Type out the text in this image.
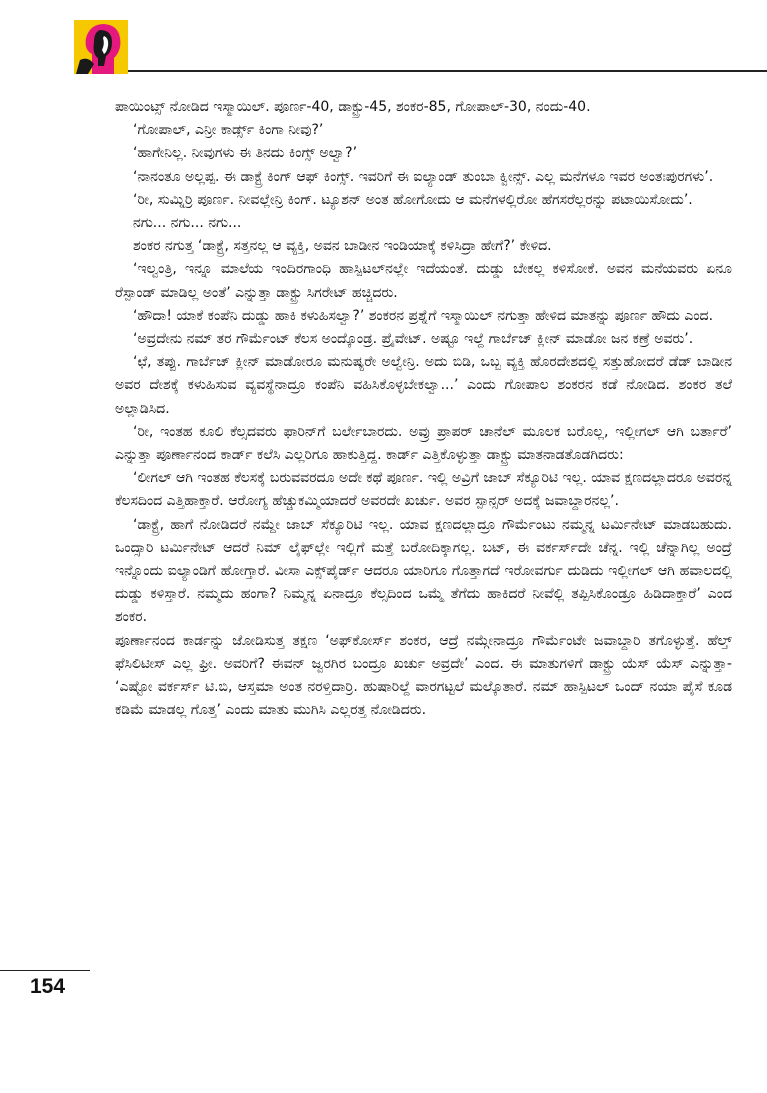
ಪಾಯಿಂಟ್ಸ್ ನೋಡಿದ ಇಸ್ಮಾಯಿಲ್. ಪೂರ್ಣ-40, ಡಾಕ್ಟ್ರು-45, ಶಂಕರ-85, ಗೋಪಾಲ್-30, ನಂದು-40.

‘ಗೋಪಾಲ್, ಎನ್ರೀ ಕಾರ್ಡ್ಸ್ ಕಿಂಗಾ ನೀವು?’

‘ಹಾಗೇನಿಲ್ಲ. ನೀವುಗಳು ಈ ತಿನದು ಕಿಂಗ್ಸ್ ಅಲ್ವಾ?’

‘ನಾನಂತೂ ಅಲ್ಲಪ್ಪ. ಈ ಡಾಕ್ಟ್ರೆ ಕಿಂಗ್ ಆಫ್ ಕಿಂಗ್ಸ್. ಇವರಿಗೆ ಈ ಐಲ್ಯಾಂಡ್ ತುಂಬಾ ಕ್ವೀನ್ಸ್. ಎಲ್ಲ ಮನೆಗಳೂ ಇವರ ಅಂತಃಪುರಗಳು’.

‘ರೀ, ಸುಮ್ನಿರ್ರಿ ಪೂರ್ಣ. ನೀವಲ್ಲೇನ್ರಿ ಕಿಂಗ್. ಟ್ಯೂಶನ್ ಅಂತ ಹೋಗೋದು ಆ ಮನೆಗಳಲ್ಲಿರೋ ಹೆಗಸರೆಲ್ಲರನ್ನು ಪಟಾಯಿಸೋದು’.

ನಗು... ನಗು... ನಗು...

ಶಂಕರ ನಗುತ್ತ ‘ಡಾಕ್ಟ್ರೆ, ಸತ್ತನಲ್ಲ ಆ ವ್ಯಕ್ತಿ, ಅವನ ಬಾಡೀನ ಇಂಡಿಯಾಕ್ಕೆ ಕಳಿಸಿದ್ರಾ ಹೇಗೆ?’ ಕೇಳಿದ.

‘ಇಲ್ವಂತ್ರಿ, ಇನ್ನೂ ಮಾಲೆಯ ಇಂದಿರಗಾಂಧಿ ಹಾಸ್ಪಿಟಲ್‌ನಲ್ಲೇ ಇದೆಯಂತೆ. ದುಡ್ಡು ಬೇಕಲ್ಲ ಕಳಿಸೋಕೆ. ಅವನ ಮನೆಯವರು ಏನೂ ರೆಸ್ಪಾಂಡ್ ಮಾಡಿಲ್ಲ ಅಂತೆ’ ಎನ್ನುತ್ತಾ ಡಾಕ್ಟ್ರು ಸಿಗರೇಟ್ ಹಚ್ಚಿದರು.

‘ಹೌದಾ! ಯಾಕೆ ಕಂಪೆನಿ ದುಡ್ಡು ಹಾಕಿ ಕಳುಹಿಸಲ್ವಾ?’ ಶಂಕರನ ಪ್ರಶ್ನೆಗೆ ಇಸ್ಮಾಯಿಲ್ ನಗುತ್ತಾ ಹೇಳಿದ ಮಾತನ್ನು ಪೂರ್ಣ ಹೌದು ಎಂದ.

‘ಅವ್ರದೇನು ನಮ್ ತರ ಗೌರ್ಮೆಂಟ್ ಕೆಲಸ ಅಂದ್ಕೊಂಡ್ರ. ಪ್ರೈವೇಟ್. ಅಷ್ಟೂ ಇಲ್ದೆ ಗಾರ್ಬೆಜ್ ಕ್ಲೀನ್ ಮಾಡೋ ಜನ ಕಣ್ರೆ ಅವರು’.

‘ಛೆ, ತಪ್ಪು. ಗಾರ್ಬೆಜ್ ಕ್ಲೀನ್ ಮಾಡೋರೂ ಮನುಷ್ಯರೇ ಅಲ್ವೇನ್ರಿ. ಅದು ಬಿಡಿ, ಒಬ್ಬ ವ್ಯಕ್ತಿ ಹೊರದೇಶದಲ್ಲಿ ಸತ್ತುಹೋದರೆ ಡೆಡ್ ಬಾಡೀನ ಅವರ ದೇಶಕ್ಕೆ ಕಳುಹಿಸುವ ವ್ಯವಸ್ಥೆನಾದ್ರೂ ಕಂಪೆನಿ ವಹಿಸಿಕೊಳ್ಳಬೇಕಲ್ವಾ...’ ಎಂದು ಗೋಪಾಲ ಶಂಕರನ ಕಡೆ ನೋಡಿದ. ಶಂಕರ ತಲೆ ಅಲ್ಲಾಡಿಸಿದ.

‘ರೀ, ಇಂತಹ ಕೂಲಿ ಕೆಲ್ಸದವರು ಫಾರಿನ್‌ಗೆ ಬರ್ಲೇಬಾರದು. ಅವ್ರು ಪ್ರಾಪರ್ ಚಾನೆಲ್ ಮೂಲಕ ಬರೊಲ್ಲ, ಇಲ್ಲೀಗಲ್ ಆಗಿ ಬರ್ತಾರೆ’ ಎನ್ನುತ್ತಾ ಪೂರ್ಣಾನಂದ ಕಾರ್ಡ್ ಕಲೆಸಿ ಎಲ್ಲರಿಗೂ ಹಾಕುತ್ತಿದ್ದ. ಕಾರ್ಡ್ ಎತ್ತಿಕೊಳ್ಳುತ್ತಾ ಡಾಕ್ಟ್ರು ಮಾತನಾಡತೊಡಗಿದರು:

‘ಲೀಗಲ್ ಆಗಿ ಇಂತಹ ಕೆಲಸಕ್ಕೆ ಬರುವವರದೂ ಅದೇ ಕಥೆ ಪೂರ್ಣ. ಇಲ್ಲಿ ಅವ್ರಿಗೆ ಜಾಬ್ ಸೆಕ್ಯೂರಿಟಿ ಇಲ್ಲ. ಯಾವ ಕ್ಷಣದಲ್ಲಾದರೂ ಅವರನ್ನ ಕೆಲಸದಿಂದ ಎತ್ತಿಹಾಕ್ತಾರೆ. ಆರೋಗ್ಯ ಹೆಚ್ಚುಕಮ್ಮಿಯಾದರೆ ಅವರದೇ ಖರ್ಚು. ಅವರ ಸ್ಪಾನ್ಸರ್ ಅದಕ್ಕೆ ಜವಾಬ್ದಾರನಲ್ಲ’.

‘ಡಾಕ್ಟ್ರೆ, ಹಾಗೆ ನೋಡಿದರೆ ನಮ್ದೇ ಜಾಬ್ ಸೆಕ್ಯೂರಿಟಿ ಇಲ್ಲ. ಯಾವ ಕ್ಷಣದಲ್ಲಾದ್ರೂ ಗೌರ್ಮೆಂಟು ನಮ್ಮನ್ನ ಟರ್ಮಿನೇಟ್ ಮಾಡಬಹುದು. ಒಂದ್ಸಾರಿ ಟರ್ಮಿನೇಟ್ ಆದರೆ ನಿಮ್ ಲೈಫ್‌ಲ್ಲೇ ಇಲ್ಲಿಗೆ ಮತ್ತೆ ಬರೋದಿಕ್ಕಾಗಲ್ಲ. ಬಟ್, ಈ ವರ್ಕರ್ಸ್‌ದೇ ಚೆನ್ನ. ಇಲ್ಲಿ ಚೆನ್ನಾಗಿಲ್ಲ ಅಂದ್ರೆ ಇನ್ನೊಂದು ಐಲ್ಯಾಂಡಿಗೆ ಹೋಗ್ತಾರೆ. ವೀಸಾ ಎಕ್ಸ್‌ಪೈರ್ಡ್ ಆದರೂ ಯಾರಿಗೂ ಗೊತ್ತಾಗದೆ ಇರೋವರ್ಗು ದುಡಿದು ಇಲ್ಲೀಗಲ್ ಆಗಿ ಹವಾಲದಲ್ಲಿ ದುಡ್ಡು ಕಳಿಸ್ತಾರೆ. ನಮ್ಮದು ಹಂಗಾ? ನಿಮ್ಮನ್ನ ಏನಾದ್ರೂ ಕೆಲ್ಸದಿಂದ ಒಮ್ಮೆ ತೆಗೆದು ಹಾಕಿದರೆ ನೀವೆಲ್ಲಿ ತಪ್ಪಿಸಿಕೊಂಡ್ರೂ ಹಿಡಿದಾಕ್ತಾರೆ’ ಎಂದ ಶಂಕರ.

ಪೂರ್ಣಾನಂದ ಕಾರ್ಡನ್ನು ಜೋಡಿಸುತ್ತ ತಕ್ಷಣ ‘ಅಫ್‌ಕೋರ್ಸ್ ಶಂಕರ, ಆದ್ರೆ ನಮ್ಗೇನಾದ್ರೂ ಗೌರ್ಮೆಂಟೇ ಜವಾಬ್ದಾರಿ ತಗೊಳ್ಳುತ್ತೆ. ಹೆಲ್ತ್ ಫೆಸಿಲಿಟೀಸ್ ಎಲ್ಲ ಫ್ರೀ. ಅವರಿಗೆ? ಈವನ್ ಜ್ವರಗಿರ ಬಂದ್ರೂ ಖರ್ಚು ಅವ್ರದೇ’ ಎಂದ. ಈ ಮಾತುಗಳಿಗೆ ಡಾಕ್ಟ್ರು ಯೆಸ್ ಯೆಸ್ ಎನ್ನುತ್ತಾ- ‘ಎಷ್ಟೋ ವರ್ಕರ್ಸ್ ಟಿ.ಬಿ, ಆಸ್ತಮಾ ಅಂತ ನರಳ್ತಿದಾರ್ರಿ. ಹುಷಾರಿಲ್ದೆ ವಾರಗಟ್ಟಲೆ ಮಲ್ಕೊತಾರೆ. ನಮ್ ಹಾಸ್ಪಿಟಲ್ ಒಂದ್ ನಯಾ ಪೈಸೆ ಕೂಡ ಕಡಿಮೆ ಮಾಡಲ್ಲ ಗೊತ್ತ’ ಎಂದು ಮಾತು ಮುಗಿಸಿ ಎಲ್ಲರತ್ತ ನೋಡಿದರು.

154
